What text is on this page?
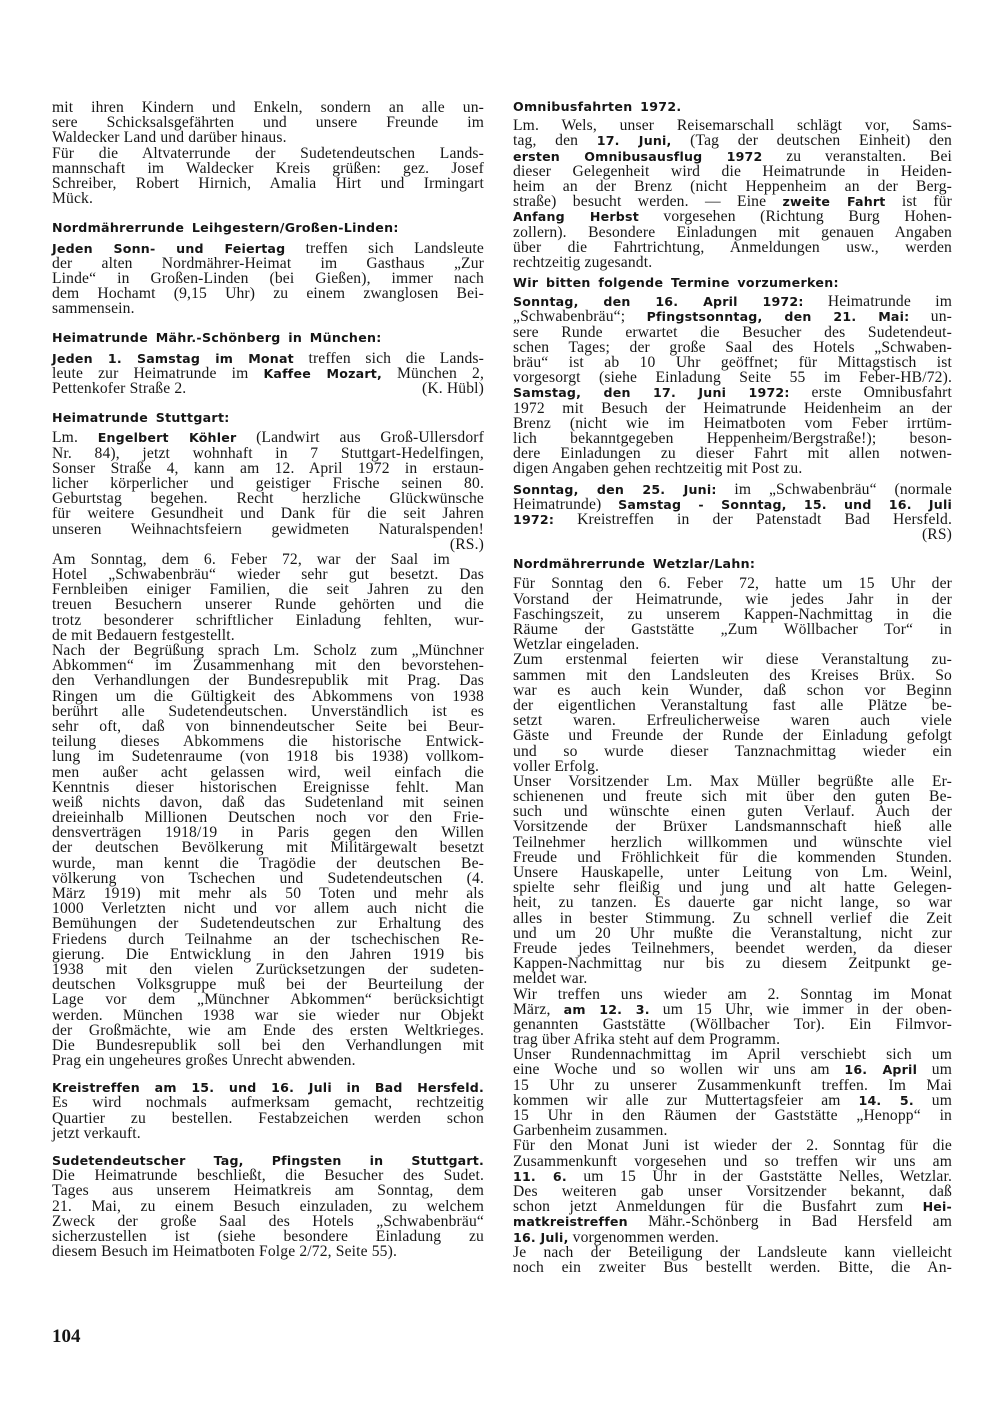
mit ihren Kindern und Enkeln, sondern an alle un-
sere Schicksalsgefährten und unsere Freunde im
Waldecker Land und darüber hinaus.
Für die Altvaterrunde der Sudetendeutschen Lands-
mannschaft im Waldecker Kreis grüßen: gez. Josef
Schreiber, Robert Hirnich, Amalia Hirt und Irmingart
Mück.
Nordmährerrunde Leihgestern/Großen-Linden:
Jeden Sonn- und Feiertag treffen sich Landsleute
der alten Nordmährer-Heimat im Gasthaus „Zur
Linde“ in Großen-Linden (bei Gießen), immer nach
dem Hochamt (9,15 Uhr) zu einem zwanglosen Bei-
sammensein.
Heimatrunde Mähr.-Schönberg in München:
Jeden 1. Samstag im Monat treffen sich die Lands-
leute zur Heimatrunde im Kaffee Mozart, München 2,
Pettenkofer Straße 2.	(K. Hübl)
Heimatrunde Stuttgart:
Lm. Engelbert Köhler (Landwirt aus Groß-Ullersdorf
Nr. 84), jetzt wohnhaft in 7 Stuttgart-Hedelfingen,
Sonser Straße 4, kann am 12. April 1972 in erstaun-
licher körperlicher und geistiger Frische seinen 80.
Geburtstag begehen. Recht herzliche Glückwünsche
für weitere Gesundheit und Dank für die seit Jahren
unseren Weihnachtsfeiern gewidmeten Naturalspenden!
(RS.)
Am Sonntag, dem 6. Feber 72, war der Saal im
Hotel „Schwabenbräu“ wieder sehr gut besetzt. Das
Fernbleiben einiger Familien, die seit Jahren zu den
treuen Besuchern unserer Runde gehörten und die
trotz besonderer schriftlicher Einladung fehlten, wur-
de mit Bedauern festgestellt.
Nach der Begrüßung sprach Lm. Scholz zum „Münchner
Abkommen“ im Zusammenhang mit den bevorstehen-
den Verhandlungen der Bundesrepublik mit Prag. Das
Ringen um die Gültigkeit des Abkommens von 1938
berührt alle Sudetendeutschen. Unverständlich ist es
sehr oft, daß von binnendeutscher Seite bei Beur-
teilung dieses Abkommens die historische Entwick-
lung im Sudetenraume (von 1918 bis 1938) vollkom-
men außer acht gelassen wird, weil einfach die
Kenntnis dieser historischen Ereignisse fehlt. Man
weiß nichts davon, daß das Sudetenland mit seinen
dreieinhalb Millionen Deutschen noch vor den Frie-
densverträgen 1918/19 in Paris gegen den Willen
der deutschen Bevölkerung mit Militärgewalt besetzt
wurde, man kennt die Tragödie der deutschen Be-
völkerung von Tschechen und Sudetendeutschen (4.
März 1919) mit mehr als 50 Toten und mehr als
1000 Verletzten nicht und vor allem auch nicht die
Bemühungen der Sudetendeutschen zur Erhaltung des
Friedens durch Teilnahme an der tschechischen Re-
gierung. Die Entwicklung in den Jahren 1919 bis
1938 mit den vielen Zurücksetzungen der sudeten-
deutschen Volksgruppe muß bei der Beurteilung der
Lage vor dem „Münchner Abkommen“ berücksichtigt
werden. München 1938 war sie wieder nur Objekt
der Großmächte, wie am Ende des ersten Weltkrieges.
Die Bundesrepublik soll bei den Verhandlungen mit
Prag ein ungeheures großes Unrecht abwenden.
Kreistreffen am 15. und 16. Juli in Bad Hersfeld.
Es wird nochmals aufmerksam gemacht, rechtzeitig
Quartier zu bestellen. Festabzeichen werden schon
jetzt verkauft.
Sudetendeutscher Tag, Pfingsten in Stuttgart.
Die Heimatrunde beschließt, die Besucher des Sudet.
Tages aus unserem Heimatkreis am Sonntag, dem
21. Mai, zu einem Besuch einzuladen, zu welchem
Zweck der große Saal des Hotels „Schwabenbräu“
sicherzustellen ist (siehe besondere Einladung zu
diesem Besuch im Heimatboten Folge 2/72, Seite 55).
Omnibusfahrten 1972.
Lm. Wels, unser Reisemarschall schlägt vor, Sams-
tag, den 17. Juni, (Tag der deutschen Einheit) den
ersten Omnibusausflug 1972 zu veranstalten. Bei
dieser Gelegenheit wird die Heimatrunde in Heiden-
heim an der Brenz (nicht Heppenheim an der Berg-
straße) besucht werden. — Eine zweite Fahrt ist für
Anfang Herbst vorgesehen (Richtung Burg Hohen-
zollern). Besondere Einladungen mit genauen Angaben
über die Fahrtrichtung, Anmeldungen usw., werden
rechtzeitig zugesandt.
Wir bitten folgende Termine vorzumerken:
Sonntag, den 16. April 1972: Heimatrunde im
„Schwabenbräu“; Pfingstsonntag, den 21. Mai: un-
sere Runde erwartet die Besucher des Sudetendeut-
schen Tages; der große Saal des Hotels „Schwaben-
bräu“ ist ab 10 Uhr geöffnet; für Mittagstisch ist
vorgesorgt (siehe Einladung Seite 55 im Feber-HB/72).
Samstag, den 17. Juni 1972: erste Omnibusfahrt
1972 mit Besuch der Heimatrunde Heidenheim an der
Brenz (nicht wie im Heimatboten vom Feber irrtüm-
lich bekanntgegeben Heppenheim/Bergstraße!); beson-
dere Einladungen zu dieser Fahrt mit allen notwen-
digen Angaben gehen rechtzeitig mit Post zu.
Sonntag, den 25. Juni: im „Schwabenbräu“ (normale
Heimatrunde) Samstag - Sonntag, 15. und 16. Juli
1972: Kreistreffen in der Patenstadt Bad Hersfeld.
(RS)
Nordmährerrunde Wetzlar/Lahn:
Für Sonntag den 6. Feber 72, hatte um 15 Uhr der
Vorstand der Heimatrunde, wie jedes Jahr in der
Faschingszeit, zu unserem Kappen-Nachmittag in die
Räume der Gaststätte „Zum Wöllbacher Tor“ in
Wetzlar eingeladen.
Zum erstenmal feierten wir diese Veranstaltung zu-
sammen mit den Landsleuten des Kreises Brüx. So
war es auch kein Wunder, daß schon vor Beginn
der eigentlichen Veranstaltung fast alle Plätze be-
setzt waren. Erfreulicherweise waren auch viele
Gäste und Freunde der Runde der Einladung gefolgt
und so wurde dieser Tanznachmittag wieder ein
voller Erfolg.
Unser Vorsitzender Lm. Max Müller begrüßte alle Er-
schienenen und freute sich mit über den guten Be-
such und wünschte einen guten Verlauf. Auch der
Vorsitzende der Brüxer Landsmannschaft hieß alle
Teilnehmer herzlich willkommen und wünschte viel
Freude und Fröhlichkeit für die kommenden Stunden.
Unsere Hauskapelle, unter Leitung von Lm. Weinl,
spielte sehr fleißig und jung und alt hatte Gelegen-
heit, zu tanzen. Es dauerte gar nicht lange, so war
alles in bester Stimmung. Zu schnell verlief die Zeit
und um 20 Uhr mußte die Veranstaltung, nicht zur
Freude jedes Teilnehmers, beendet werden, da dieser
Kappen-Nachmittag nur bis zu diesem Zeitpunkt ge-
meldet war.
Wir treffen uns wieder am 2. Sonntag im Monat
März, am 12. 3. um 15 Uhr, wie immer in der oben-
genannten Gaststätte (Wöllbacher Tor). Ein Filmvor-
trag über Afrika steht auf dem Programm.
Unser Rundennachmittag im April verschiebt sich um
eine Woche und so wollen wir uns am 16. April um
15 Uhr zu unserer Zusammenkunft treffen. Im Mai
kommen wir alle zur Muttertagsfeier am 14. 5. um
15 Uhr in den Räumen der Gaststätte „Henopp“ in
Garbenheim zusammen.
Für den Monat Juni ist wieder der 2. Sonntag für die
Zusammenkunft vorgesehen und so treffen wir uns am
11. 6. um 15 Uhr in der Gaststätte Nelles, Wetzlar.
Des weiteren gab unser Vorsitzender bekannt, daß
schon jetzt Anmeldungen für die Busfahrt zum Hei-
matkreistreffen Mähr.-Schönberg in Bad Hersfeld am
16. Juli, vorgenommen werden.
Je nach der Beteiligung der Landsleute kann vielleicht
noch ein zweiter Bus bestellt werden. Bitte, die An-
104
